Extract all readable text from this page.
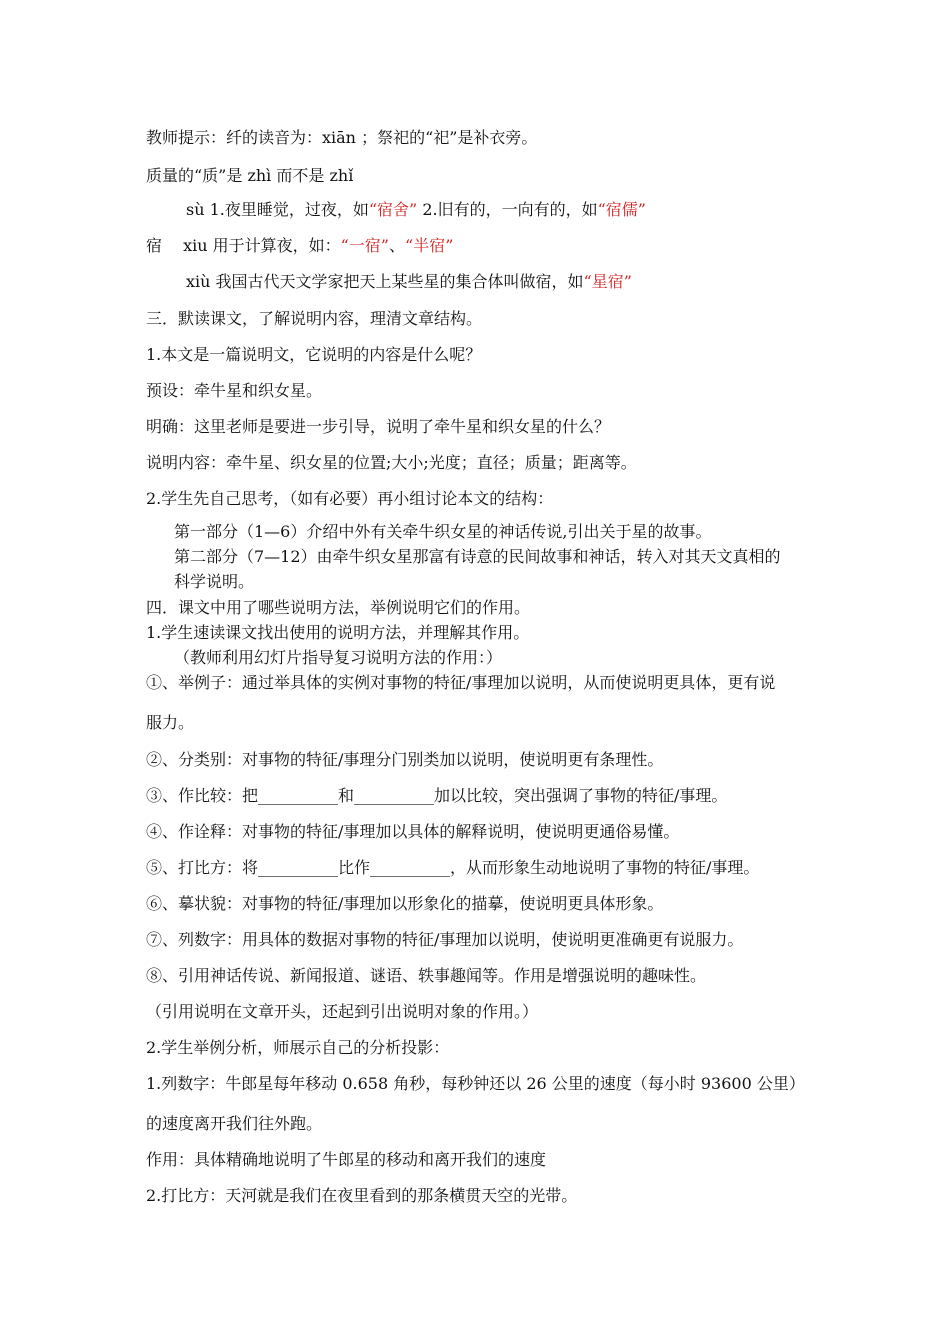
教师提示：纤的读音为：xiān ；祭祀的“祀”是补衣旁。
质量的“质”是 zhì 而不是 zhǐ
sù 1.夜里睡觉，过夜，如“宿舍” 2.旧有的，一向有的，如“宿儒”
宿　 xiu 用于计算夜，如：“一宿”、“半宿”
xiù 我国古代天文学家把天上某些星的集合体叫做宿，如“星宿”
三．默读课文，了解说明内容，理清文章结构。
1.本文是一篇说明文，它说明的内容是什么呢？
预设：牵牛星和织女星。
明确：这里老师是要进一步引导，说明了牵牛星和织女星的什么？
说明内容：牵牛星、织女星的位置;大小;光度；直径；质量；距离等。
2.学生先自己思考，（如有必要）再小组讨论本文的结构：
第一部分（1—6）介绍中外有关牵牛织女星的神话传说,引出关于星的故事。
第二部分（7—12）由牵牛织女星那富有诗意的民间故事和神话，转入对其天文真相的
科学说明。
四．课文中用了哪些说明方法，举例说明它们的作用。
1.学生速读课文找出使用的说明方法，并理解其作用。
（教师利用幻灯片指导复习说明方法的作用：）
①、举例子：通过举具体的实例对事物的特征/事理加以说明，从而使说明更具体，更有说
服力。
②、分类别：对事物的特征/事理分门别类加以说明，使说明更有条理性。
③、作比较：把__________和__________加以比较，突出强调了事物的特征/事理。
④、作诠释：对事物的特征/事理加以具体的解释说明，使说明更通俗易懂。
⑤、打比方：将__________比作__________，从而形象生动地说明了事物的特征/事理。
⑥、摹状貌：对事物的特征/事理加以形象化的描摹，使说明更具体形象。
⑦、列数字：用具体的数据对事物的特征/事理加以说明，使说明更准确更有说服力。
⑧、引用神话传说、新闻报道、谜语、轶事趣闻等。作用是增强说明的趣味性。
（引用说明在文章开头，还起到引出说明对象的作用。）
2.学生举例分析，师展示自己的分析投影：
1.列数字：牛郎星每年移动 0.658 角秒，每秒钟还以 26 公里的速度（每小时 93600 公里）
的速度离开我们往外跑。
作用：具体精确地说明了牛郎星的移动和离开我们的速度
2.打比方：天河就是我们在夜里看到的那条横贯天空的光带。
